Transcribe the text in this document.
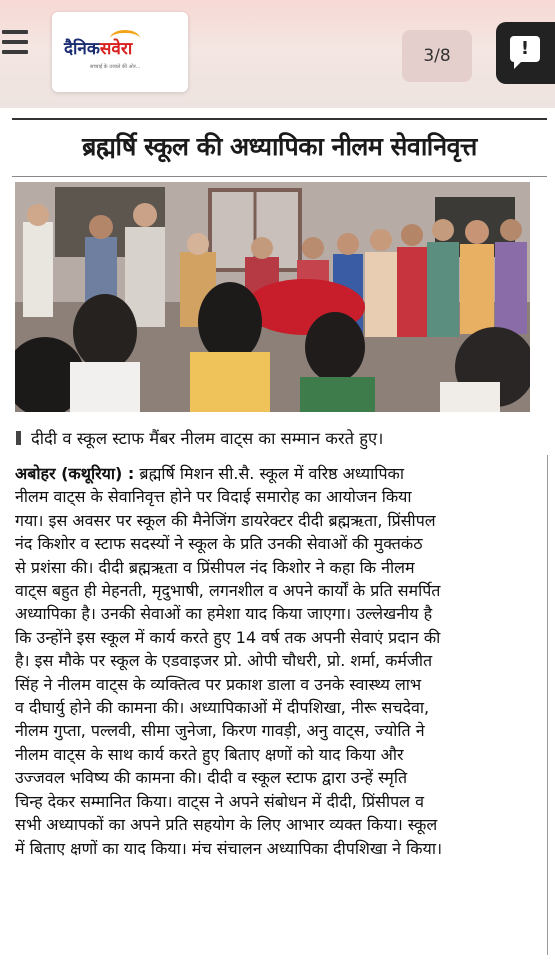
दैनिकसवेरा
सच्चाई के उजाले की ओर...
3/8	!
ब्रह्मर्षि स्कूल की अध्यापिका नीलम सेवानिवृत्त
दीदी व स्कूल स्टाफ मैंबर नीलम वाट्स का सम्मान करते हुए।

अबोहर (कथूरिया) : ब्रह्मर्षि मिशन सी.सै. स्कूल में वरिष्ठ अध्यापिका

नीलम वाट्स के सेवानिवृत्त होने पर विदाई समारोह का आयोजन किया

गया। इस अवसर पर स्कूल की मैनेजिंग डायरेक्टर दीदी ब्रह्मऋता, प्रिंसीपल

नंद किशोर व स्टाफ सदस्यों ने स्कूल के प्रति उनकी सेवाओं की मुक्तकंठ

से प्रशंसा की। दीदी ब्रह्मऋता व प्रिंसीपल नंद किशोर ने कहा कि नीलम

वाट्स बहुत ही मेहनती, मृदुभाषी, लगनशील व अपने कार्यों के प्रति समर्पित

अध्यापिका है। उनकी सेवाओं का हमेशा याद किया जाएगा। उल्लेखनीय है

कि उन्होंने इस स्कूल में कार्य करते हुए 14 वर्ष तक अपनी सेवाएं प्रदान की

है। इस मौके पर स्कूल के एडवाइजर प्रो. ओपी चौधरी, प्रो. शर्मा, कर्मजीत

सिंह ने नीलम वाट्स के व्यक्तित्व पर प्रकाश डाला व उनके स्वास्थ्य लाभ

व दीघार्यु होने की कामना की। अध्यापिकाओं में दीपशिखा, नीरू सचदेवा,

नीलम गुप्ता, पल्लवी, सीमा जुनेजा, किरण गावड़ी, अनु वाट्स, ज्योति ने

नीलम वाट्स के साथ कार्य करते हुए बिताए क्षणों को याद किया और

उज्जवल भविष्य की कामना की। दीदी व स्कूल स्टाफ द्वारा उन्हें स्मृति

चिन्ह देकर सम्मानित किया। वाट्स ने अपने संबोधन में दीदी, प्रिंसीपल व

सभी अध्यापकों का अपने प्रति सहयोग के लिए आभार व्यक्त किया। स्कूल

में बिताए क्षणों का याद किया। मंच संचालन अध्यापिका दीपशिखा ने किया।
